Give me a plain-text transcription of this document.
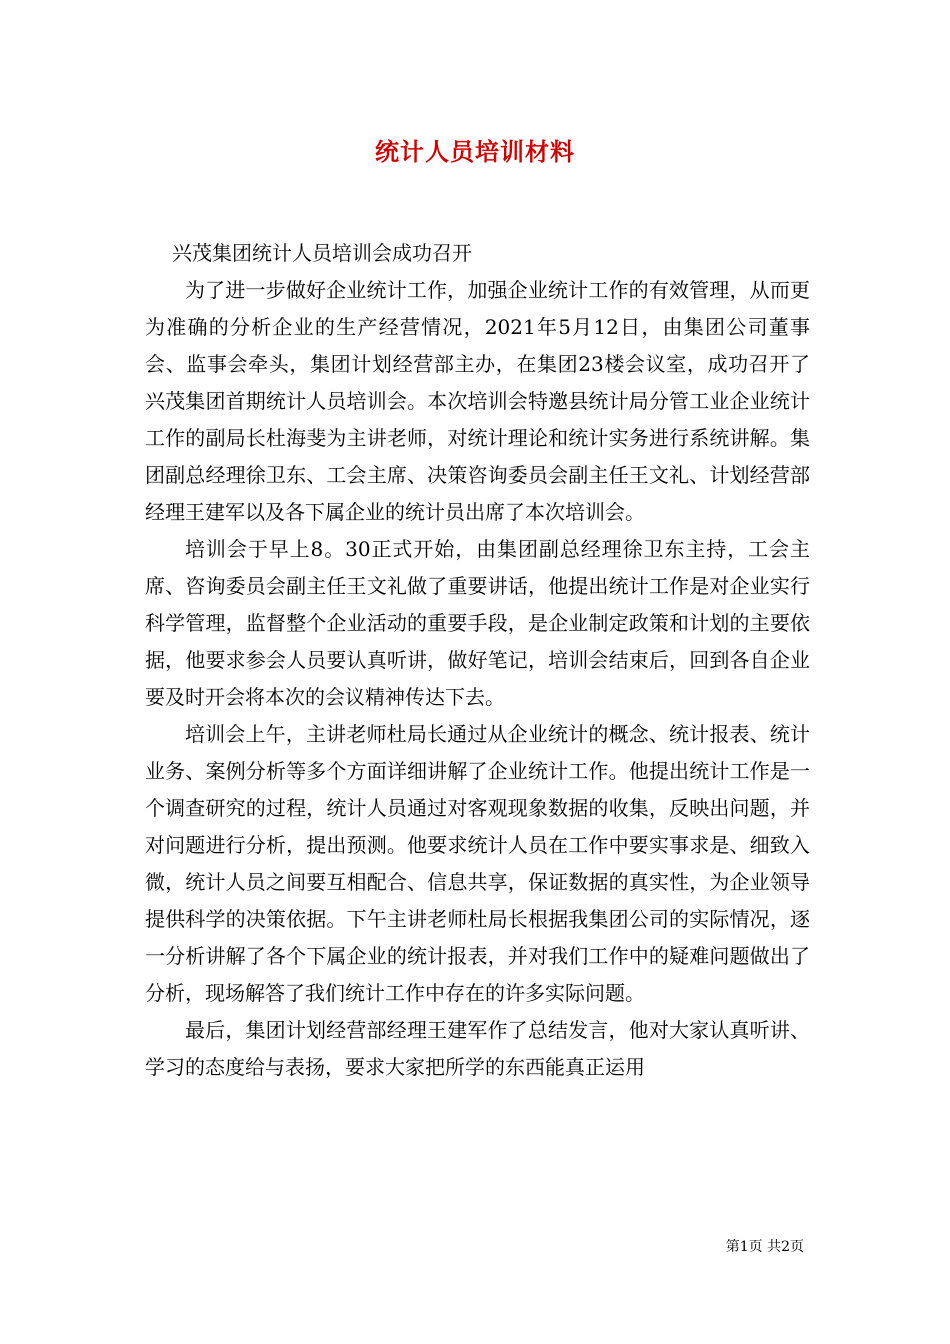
统计人员培训材料

兴茂集团统计人员培训会成功召开

为了进一步做好企业统计工作，加强企业统计工作的有效管理，从而更为准确的分析企业的生产经营情况，2021年5月12日，由集团公司董事会、监事会牵头，集团计划经营部主办，在集团23楼会议室，成功召开了兴茂集团首期统计人员培训会。本次培训会特邀县统计局分管工业企业统计工作的副局长杜海斐为主讲老师，对统计理论和统计实务进行系统讲解。集团副总经理徐卫东、工会主席、决策咨询委员会副主任王文礼、计划经营部经理王建军以及各下属企业的统计员出席了本次培训会。

培训会于早上8。30正式开始，由集团副总经理徐卫东主持，工会主席、咨询委员会副主任王文礼做了重要讲话，他提出统计工作是对企业实行科学管理，监督整个企业活动的重要手段，是企业制定政策和计划的主要依据，他要求参会人员要认真听讲，做好笔记，培训会结束后，回到各自企业要及时开会将本次的会议精神传达下去。

培训会上午，主讲老师杜局长通过从企业统计的概念、统计报表、统计业务、案例分析等多个方面详细讲解了企业统计工作。他提出统计工作是一个调查研究的过程，统计人员通过对客观现象数据的收集，反映出问题，并对问题进行分析，提出预测。他要求统计人员在工作中要实事求是、细致入微，统计人员之间要互相配合、信息共享，保证数据的真实性，为企业领导提供科学的决策依据。下午主讲老师杜局长根据我集团公司的实际情况，逐一分析讲解了各个下属企业的统计报表，并对我们工作中的疑难问题做出了分析，现场解答了我们统计工作中存在的许多实际问题。

最后，集团计划经营部经理王建军作了总结发言，他对大家认真听讲、学习的态度给与表扬，要求大家把所学的东西能真正运用

第1页 共2页
